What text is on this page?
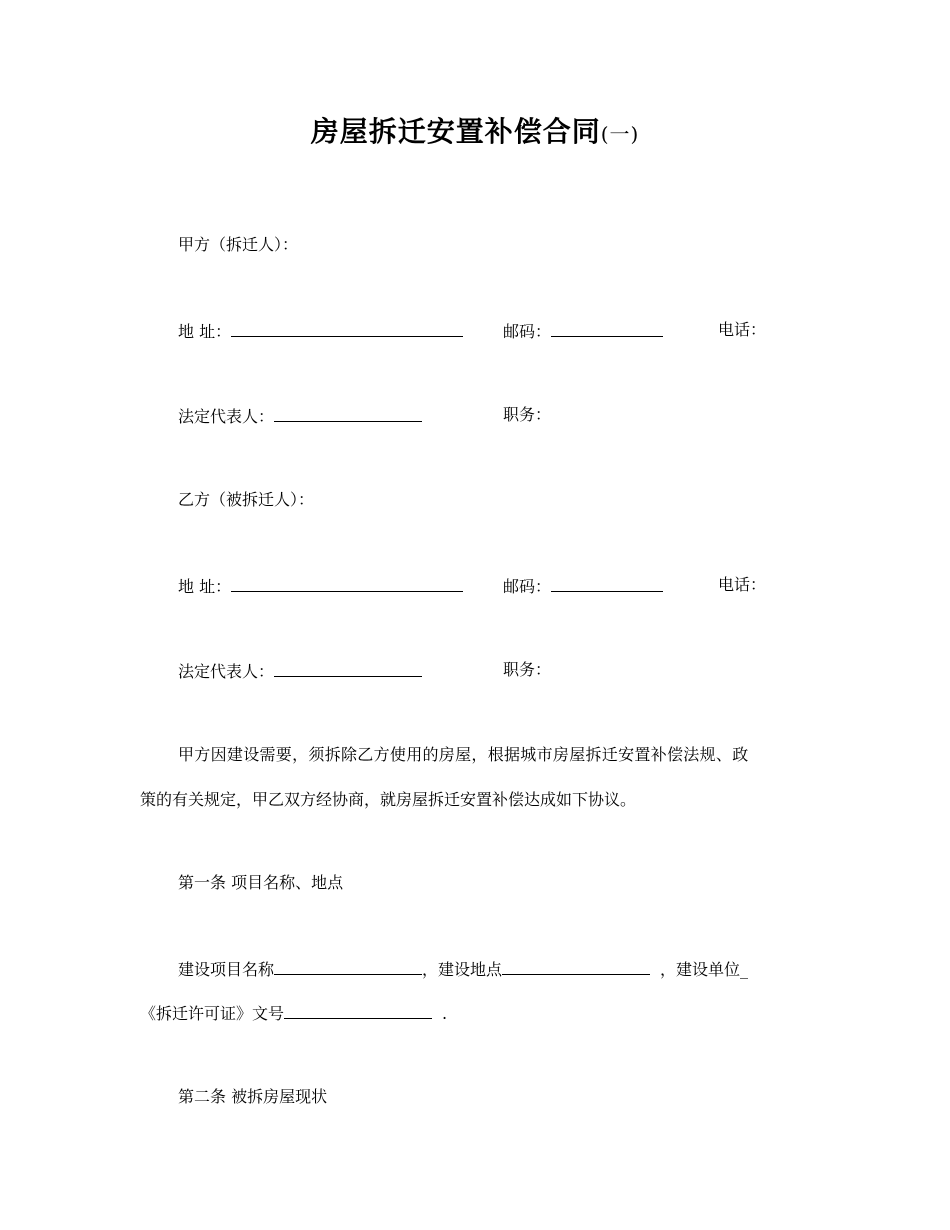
房屋拆迁安置补偿合同(一)
甲方（拆迁人）：
地 址：	邮码：	电话：
法定代表人：	职务：
乙方（被拆迁人）：
地 址：	邮码：	电话：
法定代表人：	职务：
甲方因建设需要，须拆除乙方使用的房屋，根据城市房屋拆迁安置补偿法规、政
策的有关规定，甲乙双方经协商，就房屋拆迁安置补偿达成如下协议。
第一条 项目名称、地点
建设项目名称	，建设地点	，建设单位_
《拆迁许可证》文号	.
第二条 被拆房屋现状
